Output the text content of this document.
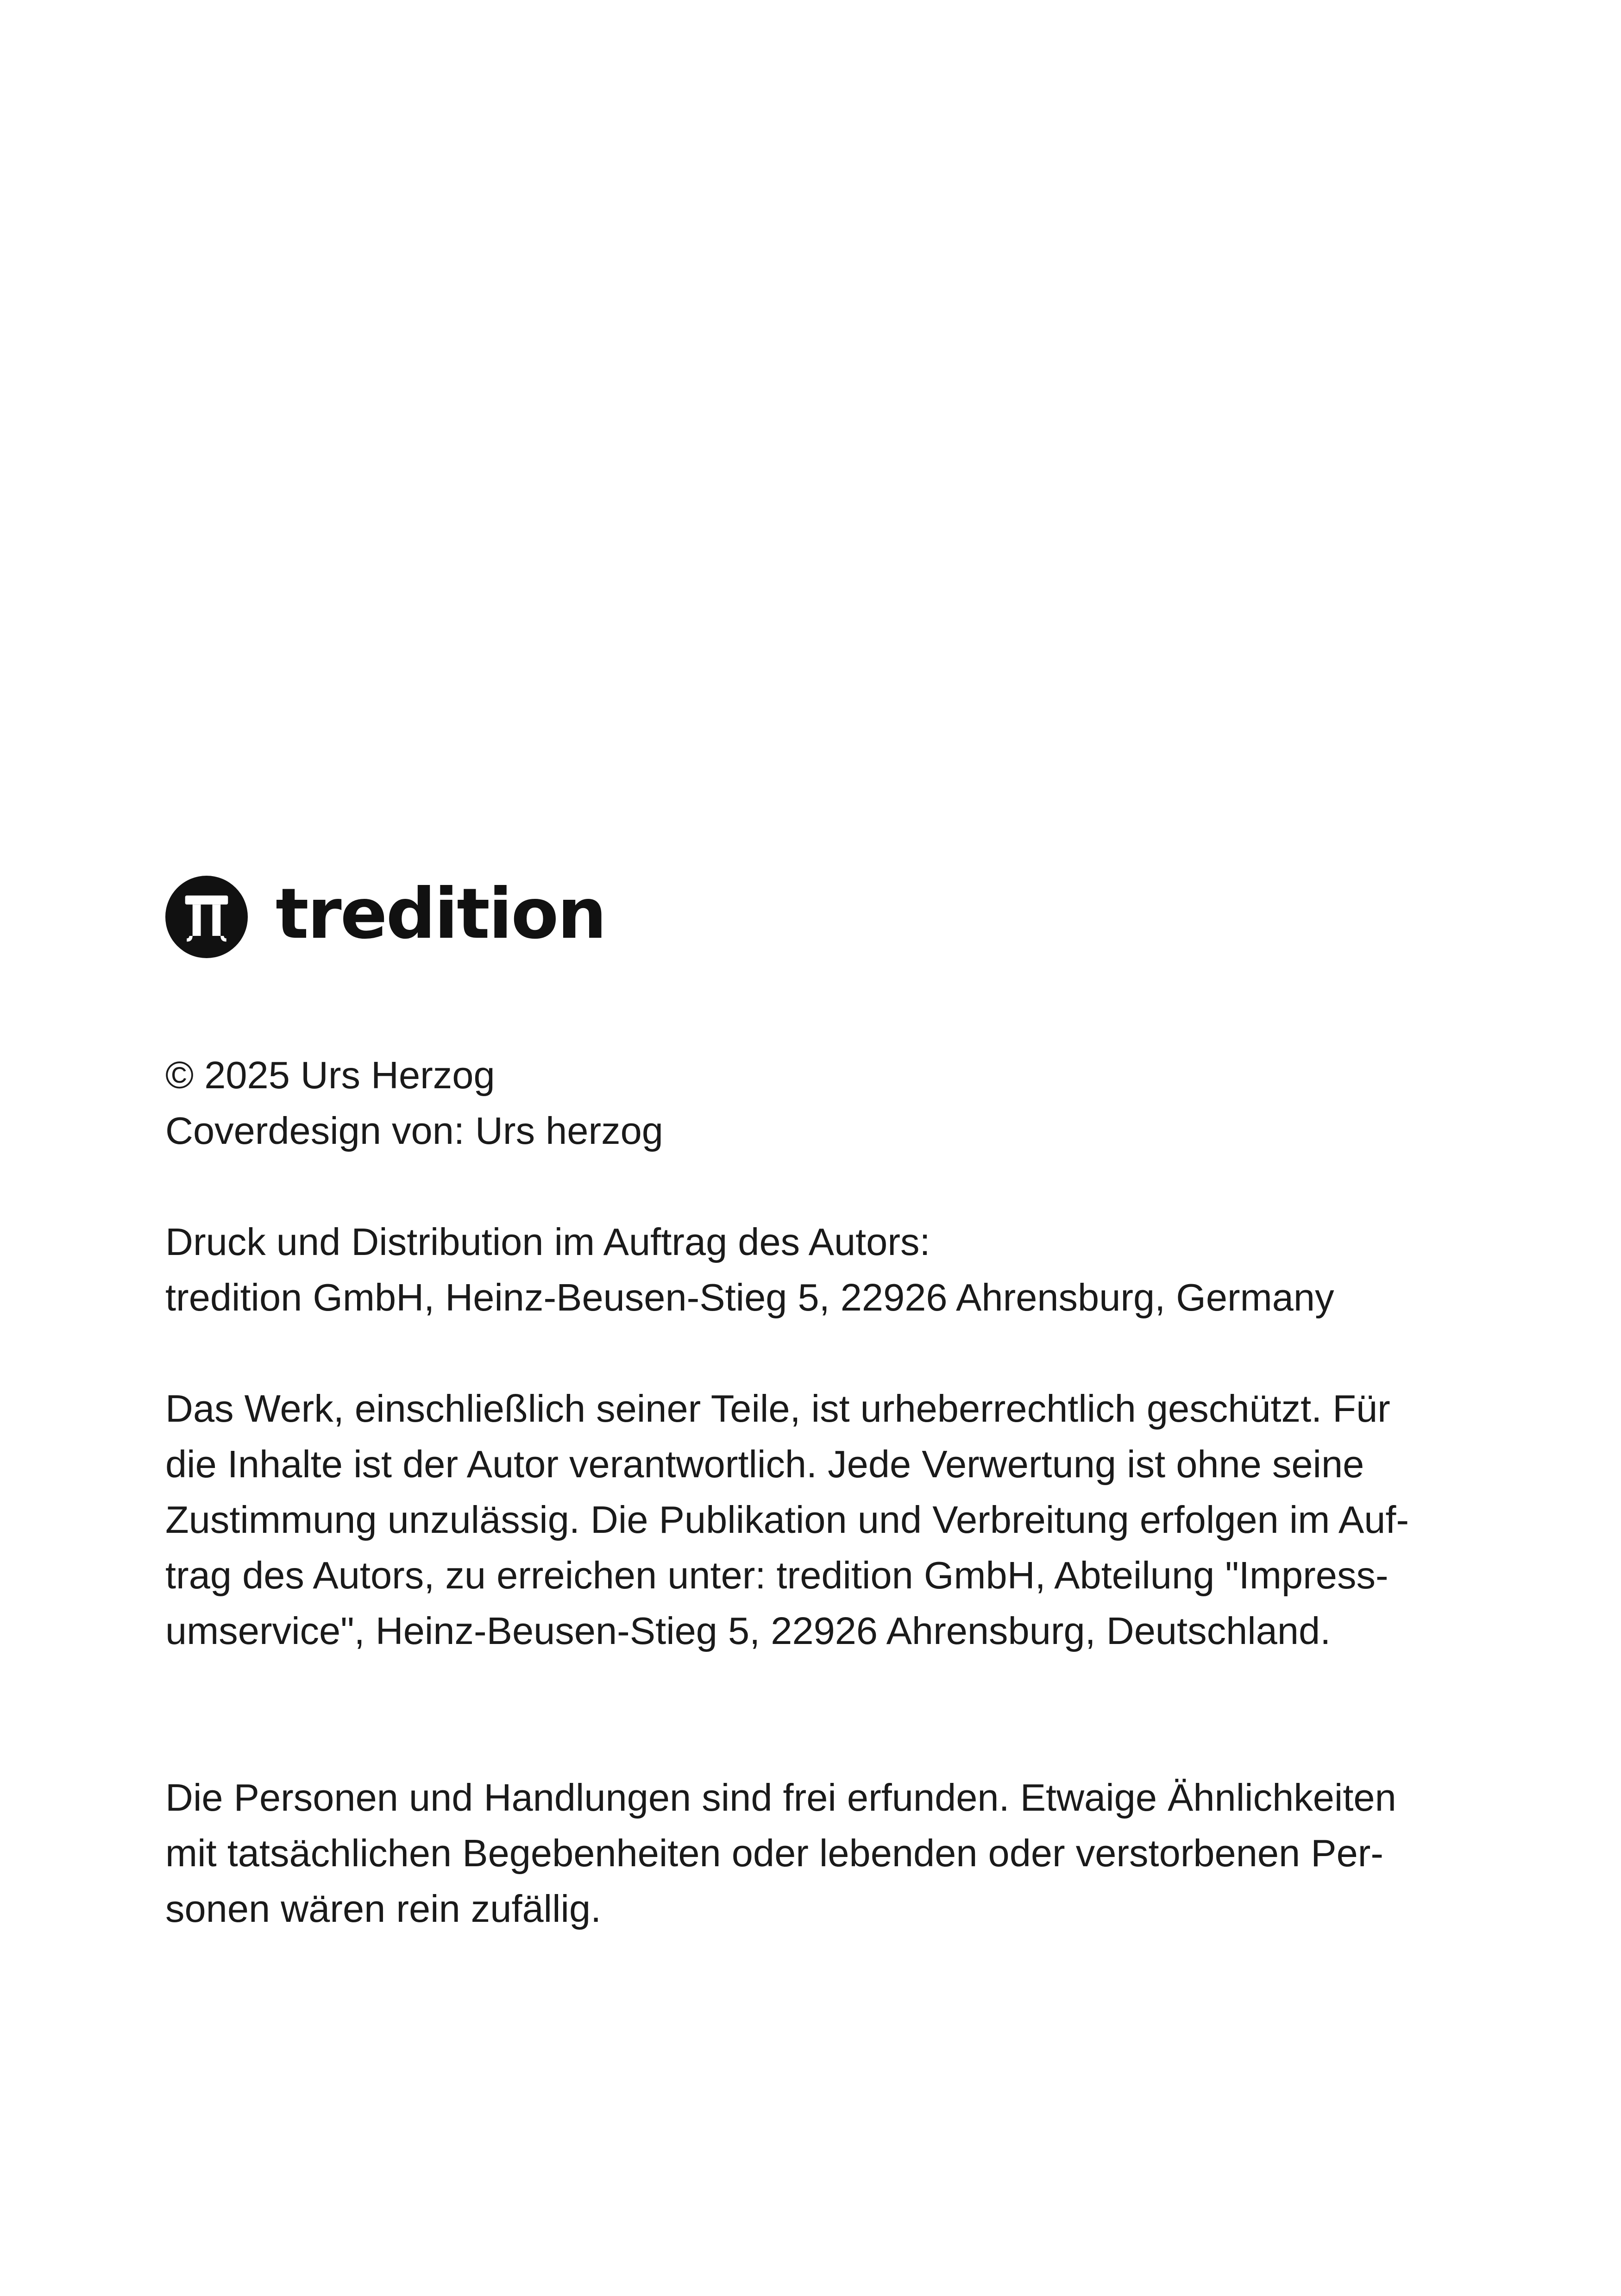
tredition

© 2025 Urs Herzog
Coverdesign von: Urs herzog

Druck und Distribution im Auftrag des Autors:
tredition GmbH, Heinz-Beusen-Stieg 5, 22926 Ahrensburg, Germany

Das Werk, einschließlich seiner Teile, ist urheberrechtlich geschützt. Für
die Inhalte ist der Autor verantwortlich. Jede Verwertung ist ohne seine
Zustimmung unzulässig. Die Publikation und Verbreitung erfolgen im Auf-
trag des Autors, zu erreichen unter: tredition GmbH, Abteilung "Impress-
umservice", Heinz-Beusen-Stieg 5, 22926 Ahrensburg, Deutschland.

Die Personen und Handlungen sind frei erfunden. Etwaige Ähnlichkeiten
mit tatsächlichen Begebenheiten oder lebenden oder verstorbenen Per-
sonen wären rein zufällig.
